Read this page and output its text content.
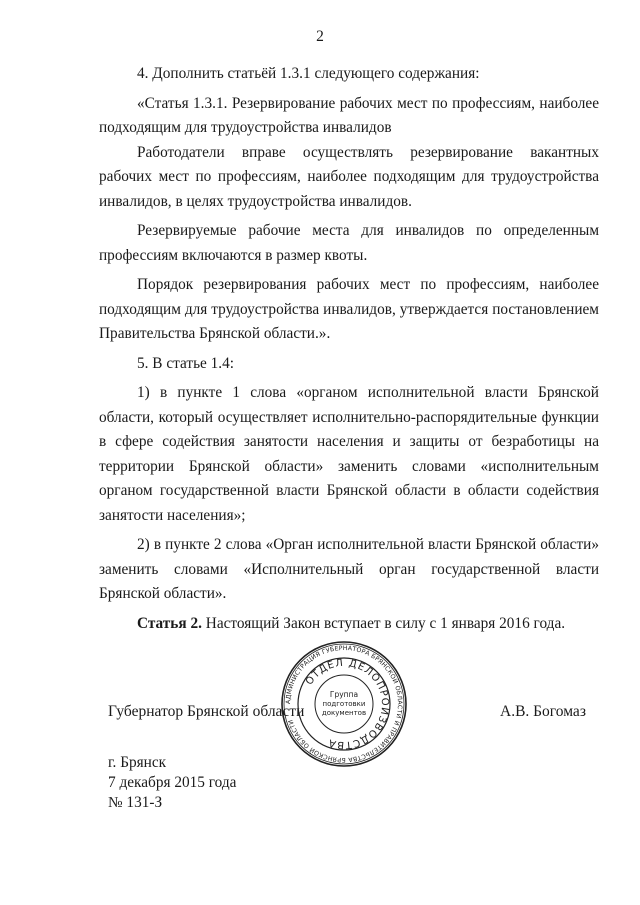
2

4. Дополнить статьёй 1.3.1 следующего содержания:

«Статья 1.3.1. Резервирование рабочих мест по профессиям, наиболее подходящим для трудоустройства инвалидов

Работодатели вправе осуществлять резервирование вакантных рабочих мест по профессиям, наиболее подходящим для трудоустройства инвалидов, в целях трудоустройства инвалидов.

Резервируемые рабочие места для инвалидов по определенным профессиям включаются в размер квоты.

Порядок резервирования рабочих мест по профессиям, наиболее подходящим для трудоустройства инвалидов, утверждается постановлением Правительства Брянской области.».

5. В статье 1.4:

1) в пункте 1 слова «органом исполнительной власти Брянской области, который осуществляет исполнительно-распорядительные функции в сфере содействия занятости населения и защиты от безработицы на территории Брянской области» заменить словами «исполнительным органом государственной власти Брянской области в области содействия занятости населения»;

2) в пункте 2 слова «Орган исполнительной власти Брянской области» заменить словами «Исполнительный орган государственной власти Брянской области».

Статья 2. Настоящий Закон вступает в силу с 1 января 2016 года.

Губернатор Брянской области	А.В. Богомаз
АДМИНИСТРАЦИЯ ГУБЕРНАТОРА БРЯНСКОЙ ОБЛАСТИ И ПРАВИТЕЛЬСТВА БРЯНСКОЙ ОБЛАСТИ
ОТДЕЛ ДЕЛОПРОИЗВОДСТВА
Группа
подготовки
документов
г. Брянск
7 декабря 2015 года
№ 131-З
